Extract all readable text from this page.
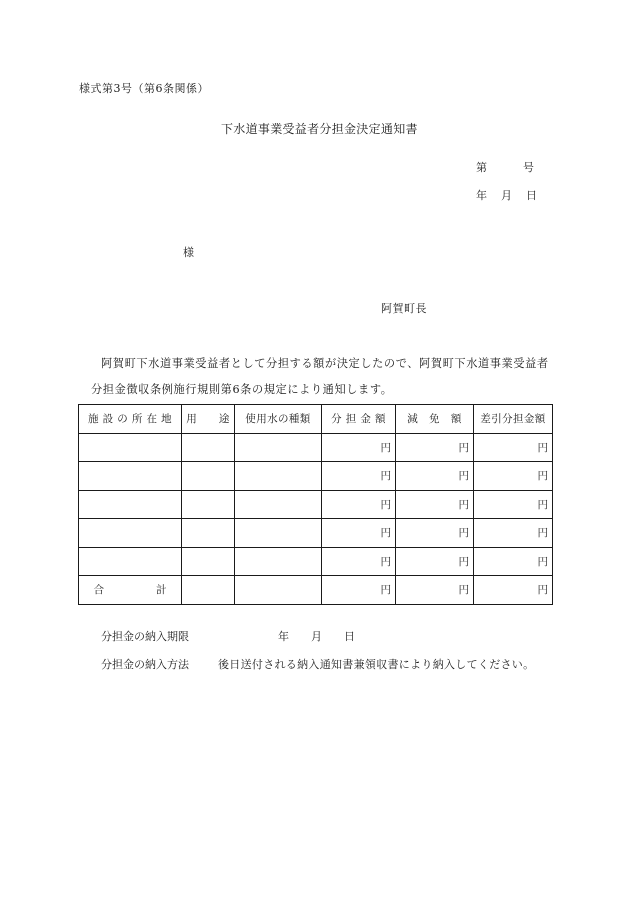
様式第3号（第6条関係）
下水道事業受益者分担金決定通知書
第	号
年 月 日
様
阿賀町長
阿賀町下水道事業受益者として分担する額が決定したので、阿賀町下水道事業受益者
分担金徴収条例施行規則第6条の規定により通知します。
施 設 の 所 在 地	用　　途	使用水の種類	分 担 金 額	減　免　額	差引分担金額
			円	円	円
			円	円	円
			円	円	円
			円	円	円
			円	円	円
合 計			円	円	円
分担金の納入期限	年 月 日
分担金の納入方法	後日送付される納入通知書兼領収書により納入してください。
